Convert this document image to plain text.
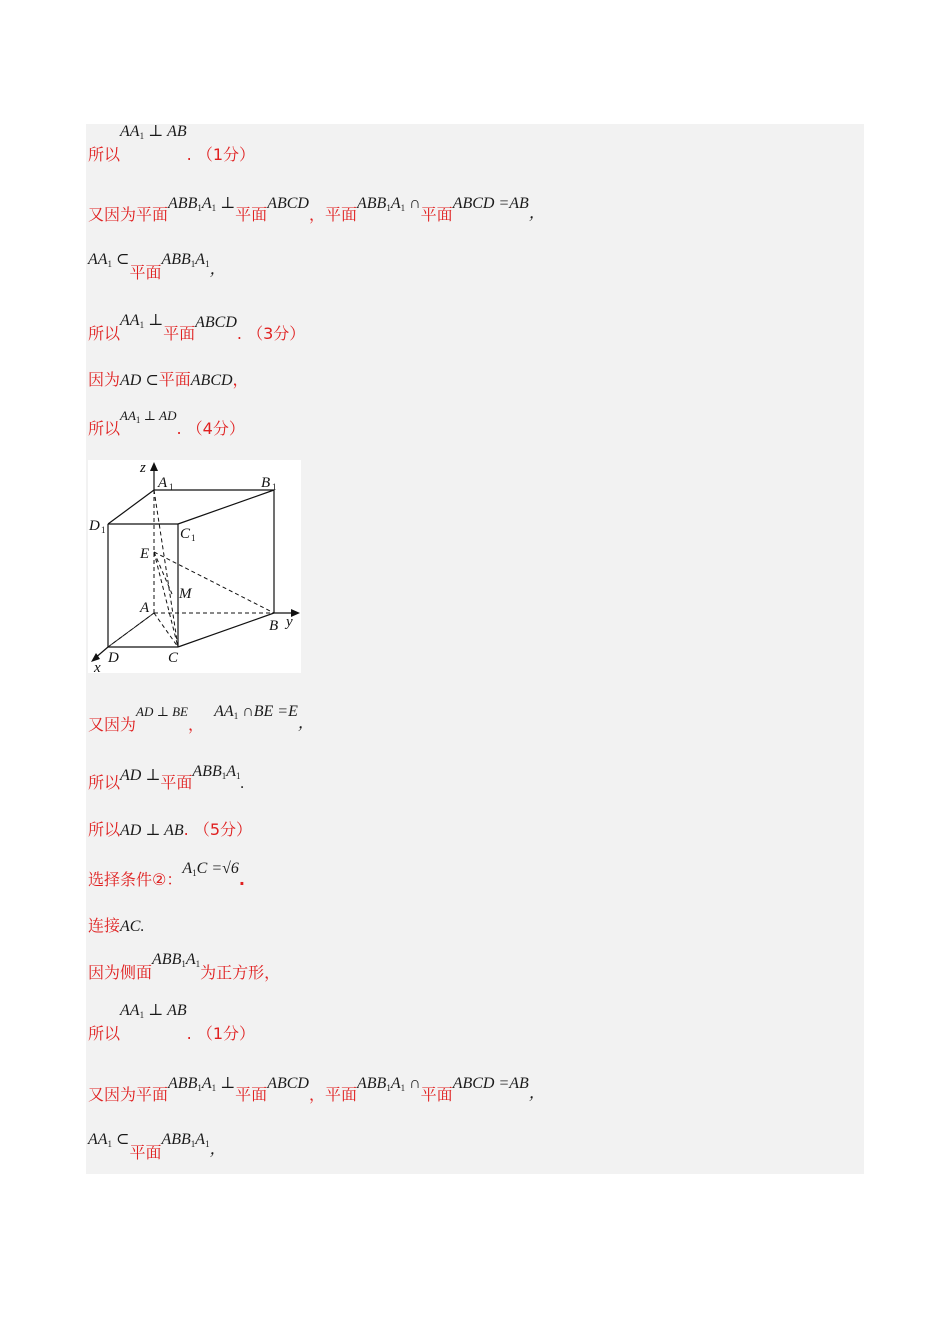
所以$AA_1$ ⊥ AB. （1分）
又因为平面$ABB_1A_1$ ⊥平面ABCD，平面$ABB_1A_1$ ∩平面ABCD =AB，
$AA_1$ ⊂平面$ABB_1A_1$，
所以$AA_1$ ⊥平面ABCD. （3分）
因为AD ⊂平面ABCD，
所以$AA_1$ ⊥ AD. （4分）
z
A 1	B 1
D 1	C 1
E
M
A
B y
D	C
x
又因为AD ⊥ BE，  $AA_1$ ∩BE =E，
所以AD ⊥平面$ABB_1A_1$.
所以AD ⊥ AB. （5分）
选择条件②：$A_1C =√6$.
连接AC.
因为侧面$ABB_1A_1$为正方形，
所以$AA_1$ ⊥ AB. （1分）
又因为平面$ABB_1A_1$ ⊥平面ABCD，平面$ABB_1A_1$ ∩平面ABCD =AB，
$AA_1$ ⊂平面$ABB_1A_1$，
